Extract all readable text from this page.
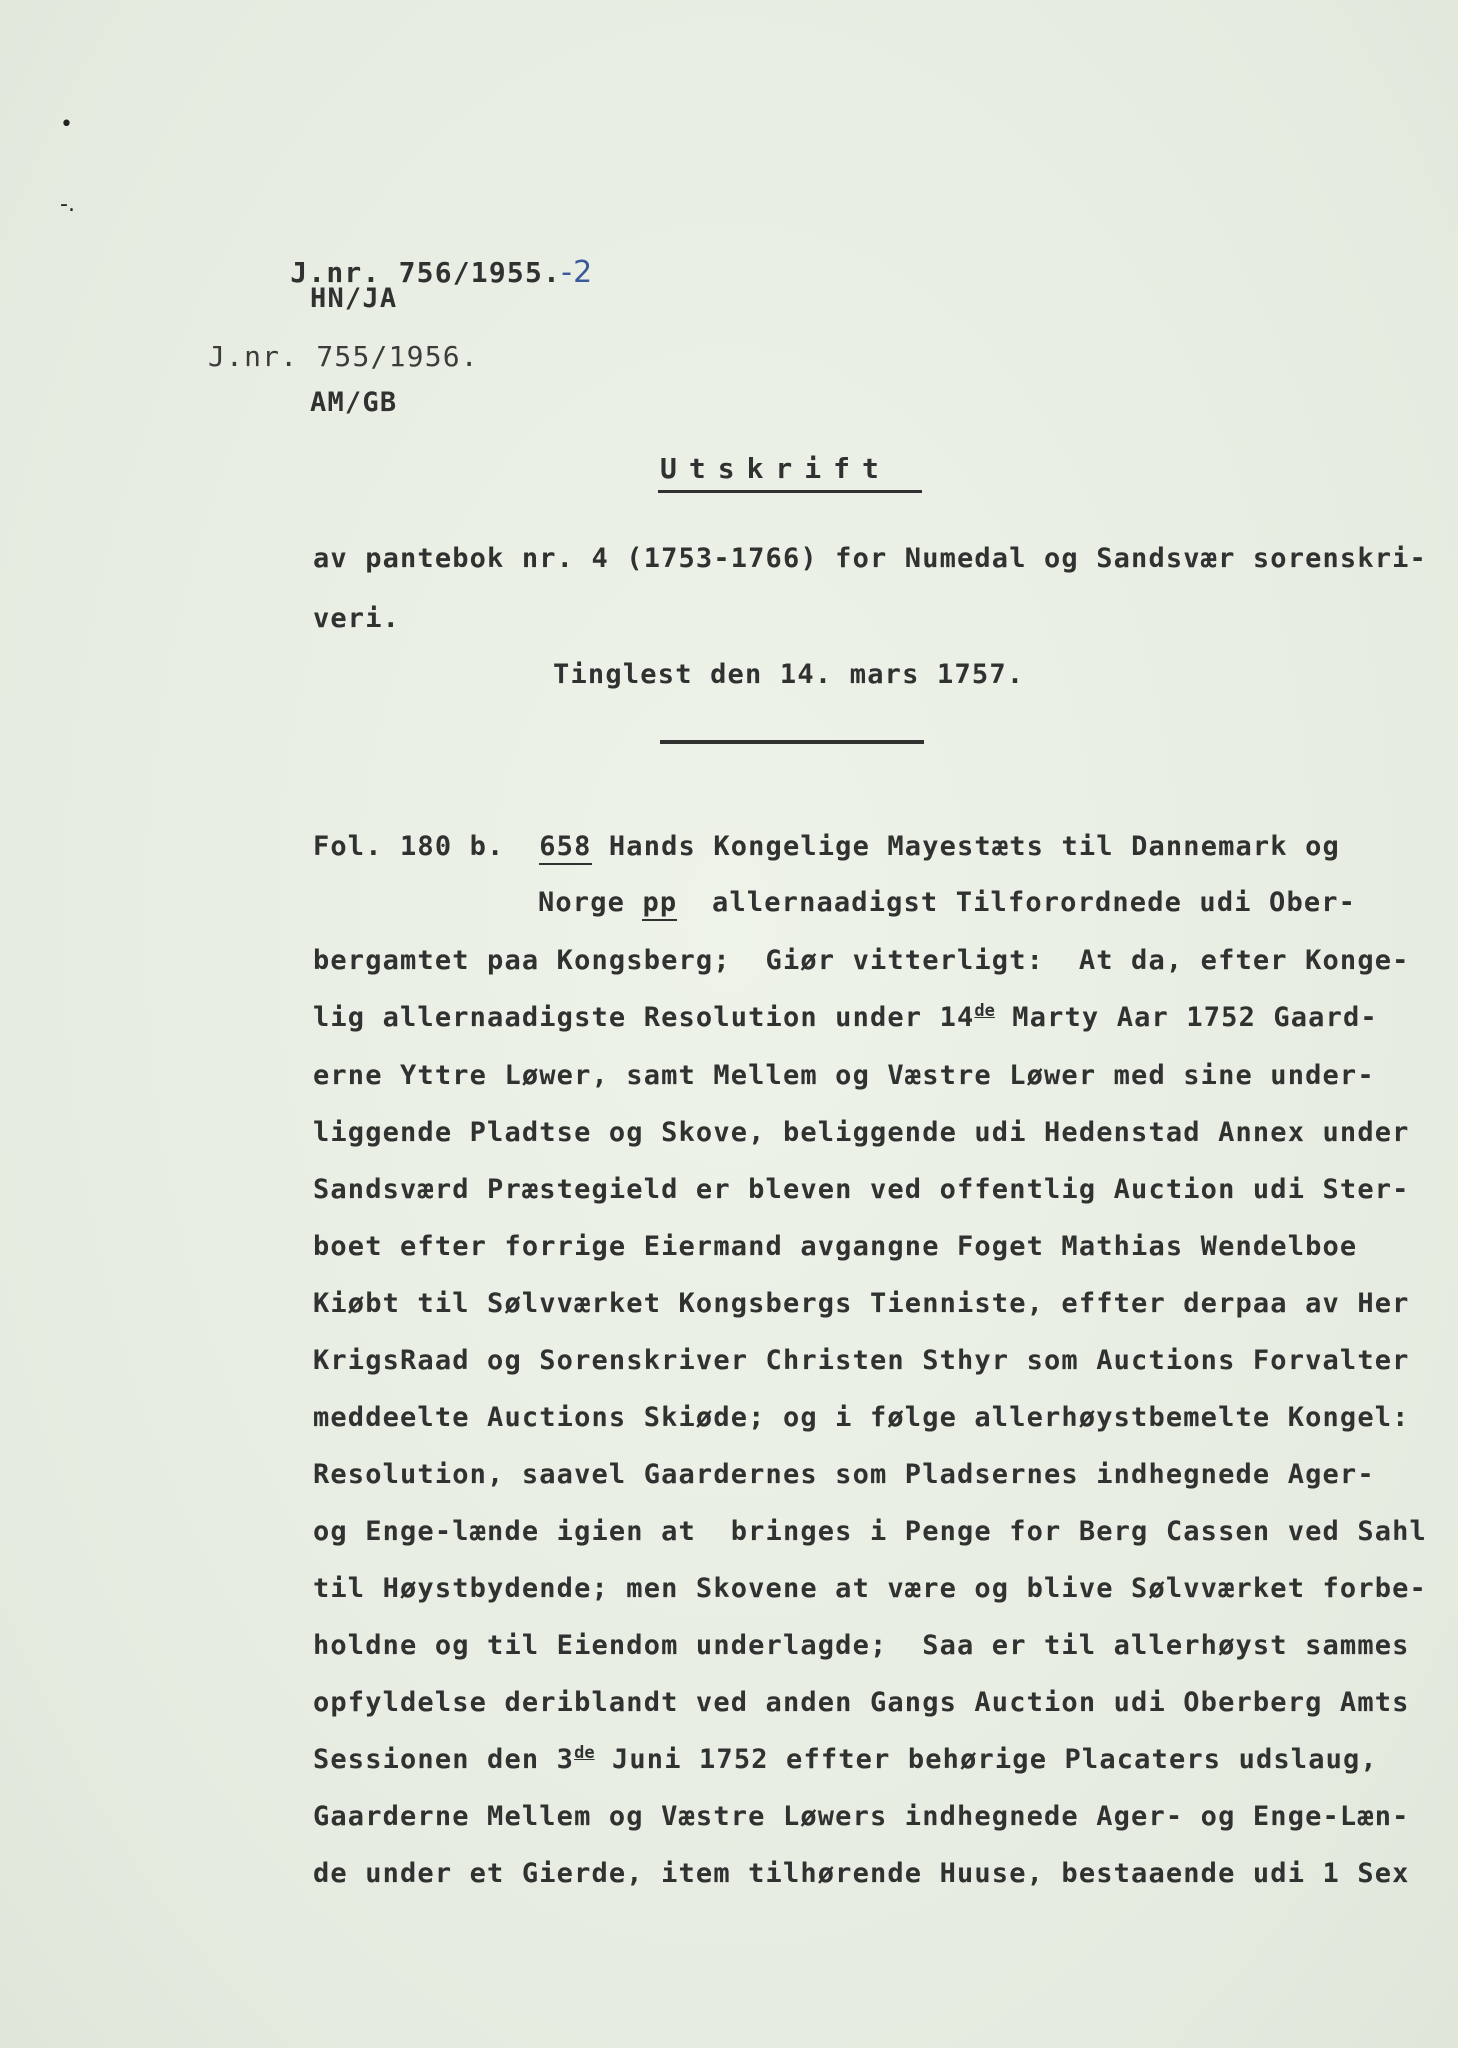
•
-.

J.nr. 756/1955.-2

HN/JA
J.nr. 755/1956.
AM/GB
Utskrift
av pantebok nr. 4 (1753-1766) for Numedal og Sandsvær sorenskri-
veri.
Tinglest den 14. mars 1757.
Fol. 180 b. 658 Hands Kongelige Mayestæts til Dannemark og
Norge pp  allernaadigst Tilforordnede udi Ober-
bergamtet paa Kongsberg;  Giør vitterligt:  At da, efter Konge-
lig allernaadigste Resolution under 14de Marty Aar 1752 Gaard-
erne Yttre Løwer, samt Mellem og Væstre Løwer med sine under-
liggende Pladtse og Skove, beliggende udi Hedenstad Annex under
Sandsværd Præstegield er bleven ved offentlig Auction udi Ster-
boet efter forrige Eiermand avgangne Foget Mathias Wendelboe
Kiøbt til Sølvværket Kongsbergs Tienniste, effter derpaa av Her
KrigsRaad og Sorenskriver Christen Sthyr som Auctions Forvalter
meddeelte Auctions Skiøde; og i følge allerhøystbemelte Kongel:
Resolution, saavel Gaardernes som Pladsernes indhegnede Ager-
og Enge-lænde igien at  bringes i Penge for Berg Cassen ved Sahl
til Høystbydende; men Skovene at være og blive Sølvværket forbe-
holdne og til Eiendom underlagde;  Saa er til allerhøyst sammes
opfyldelse deriblandt ved anden Gangs Auction udi Oberberg Amts
Sessionen den 3de Juni 1752 effter behørige Placaters udslaug,
Gaarderne Mellem og Væstre Løwers indhegnede Ager- og Enge-Læn-
de under et Gierde, item tilhørende Huuse, bestaaende udi 1 Sex
